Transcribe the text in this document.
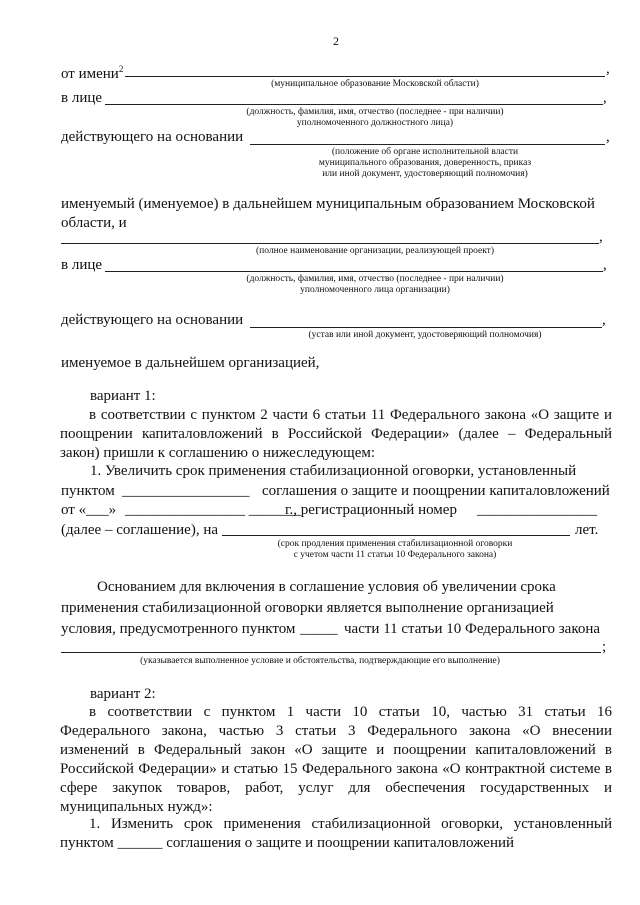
2
от имени$^2$	,
(муниципальное образование Московской области)
в лице	,
(должность, фамилия, имя, отчество (последнее - при наличии)
уполномоченного должностного лица)
действующего на основании	,
(положение об органе исполнительной власти
муниципального образования, доверенность, приказ
или иной документ, удостоверяющий полномочия)
именуемый (именуемое) в дальнейшем муниципальным образованием Московской
области, и
,
(полное наименование организации, реализующей проект)
в лице	,
(должность, фамилия, имя, отчество (последнее - при наличии)
уполномоченного лица организации)
действующего на основании	,
(устав или иной документ, удостоверяющий полномочия)
именуемое в дальнейшем организацией,
вариант 1:
в соответствии с пунктом 2 части 6 статьи 11 Федерального закона «О защите и поощрении капиталовложений в Российской Федерации» (далее – Федеральный закон) пришли к соглашению о нижеследующем:
1. Увеличить срок применения стабилизационной оговорки, установленный
пунктом _________________ соглашения о защите и поощрении капиталовложений
от «___» ________________ _______
г., регистрационный номер ________________
(далее – соглашение), на	лет.
(срок продления применения стабилизационной оговорки
с учетом части 11 статьи 10 Федерального закона)
Основанием для включения в соглашение условия об увеличении срока
применения стабилизационной оговорки является выполнение организацией
условия, предусмотренного пунктом _____ части 11 статьи 10 Федерального закона
;
(указывается выполненное условие и обстоятельства, подтверждающие его выполнение)
вариант 2:
в соответствии с пунктом 1 части 10 статьи 10, частью 31 статьи 16 Федерального закона, частью 3 статьи 3 Федерального закона «О внесении изменений в Федеральный закон «О защите и поощрении капиталовложений в Российской Федерации» и статью 15 Федерального закона «О контрактной системе в сфере закупок товаров, работ, услуг для обеспечения государственных и муниципальных нужд»:
1. Изменить срок применения стабилизационной оговорки, установленный пунктом ______ соглашения о защите и поощрении капиталовложений
